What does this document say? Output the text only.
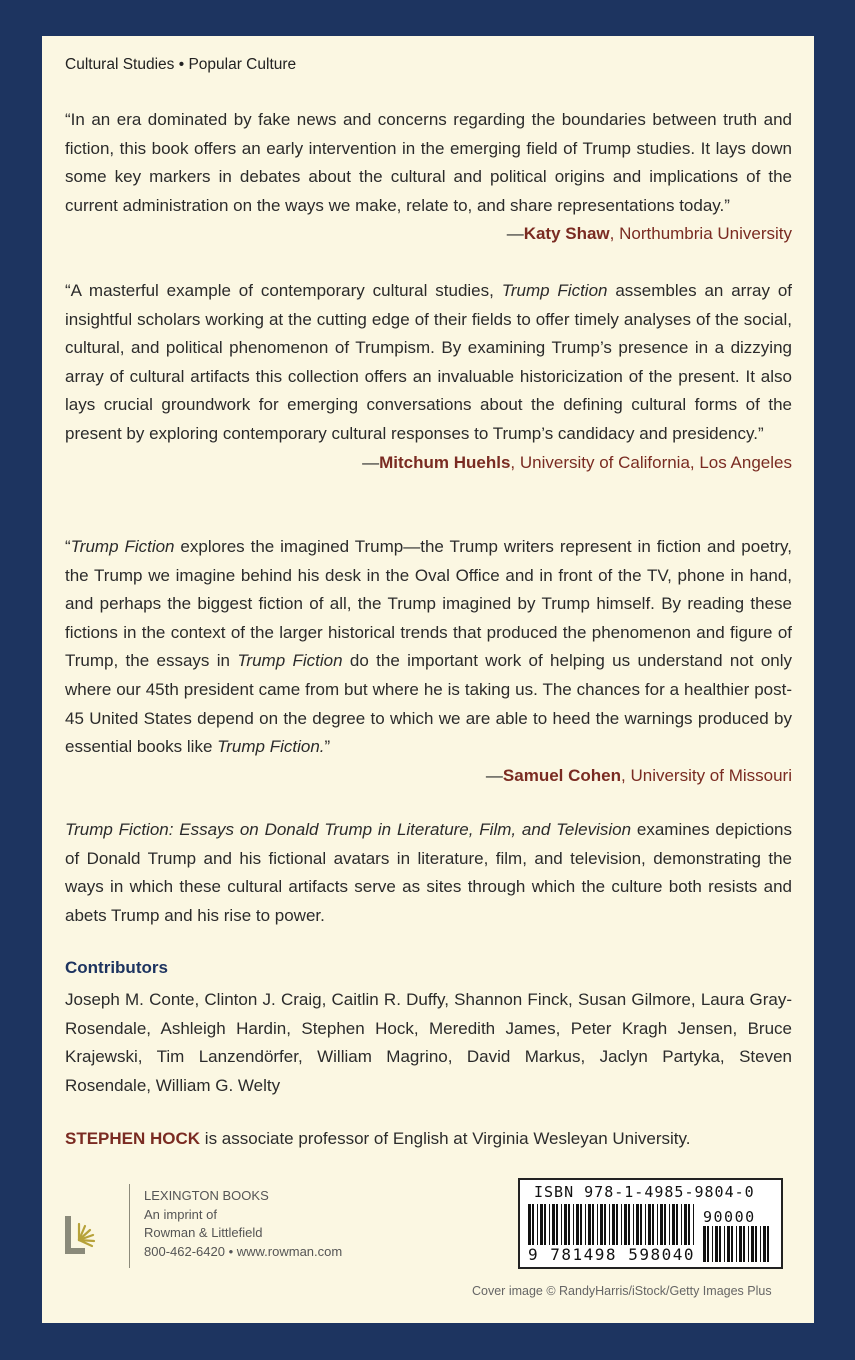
Cultural Studies • Popular Culture
“In an era dominated by fake news and concerns regarding the boundaries between truth and fiction, this book offers an early intervention in the emerging field of Trump studies. It lays down some key markers in debates about the cultural and political origins and implications of the current administration on the ways we make, relate to, and share representations today.”
—Katy Shaw, Northumbria University
“A masterful example of contemporary cultural studies, Trump Fiction assembles an array of insightful scholars working at the cutting edge of their fields to offer timely analyses of the social, cultural, and political phenomenon of Trumpism. By examining Trump’s presence in a dizzying array of cultural artifacts this collection offers an invaluable historicization of the present. It also lays crucial groundwork for emerging conversations about the defining cultural forms of the present by exploring contemporary cultural responses to Trump’s candidacy and presidency.”
—Mitchum Huehls, University of California, Los Angeles
“Trump Fiction explores the imagined Trump—the Trump writers represent in fiction and poetry, the Trump we imagine behind his desk in the Oval Office and in front of the TV, phone in hand, and perhaps the biggest fiction of all, the Trump imagined by Trump himself. By reading these fictions in the context of the larger historical trends that produced the phenomenon and figure of Trump, the essays in Trump Fiction do the important work of helping us understand not only where our 45th president came from but where he is taking us. The chances for a healthier post-45 United States depend on the degree to which we are able to heed the warnings produced by essential books like Trump Fiction.”
—Samuel Cohen, University of Missouri
Trump Fiction: Essays on Donald Trump in Literature, Film, and Television examines depictions of Donald Trump and his fictional avatars in literature, film, and television, demonstrating the ways in which these cultural artifacts serve as sites through which the culture both resists and abets Trump and his rise to power.
Contributors
Joseph M. Conte, Clinton J. Craig, Caitlin R. Duffy, Shannon Finck, Susan Gilmore, Laura Gray-Rosendale, Ashleigh Hardin, Stephen Hock, Meredith James, Peter Kragh Jensen, Bruce Krajewski, Tim Lanzendörfer, William Magrino, David Markus, Jaclyn Partyka, Steven Rosendale, William G. Welty
STEPHEN HOCK is associate professor of English at Virginia Wesleyan University.
LEXINGTON BOOKS
An imprint of
Rowman & Littlefield
800-462-6420 • www.rowman.com
ISBN 978-1-4985-9804-0
90000
9 781498 598040
Cover image © RandyHarris/iStock/Getty Images Plus
